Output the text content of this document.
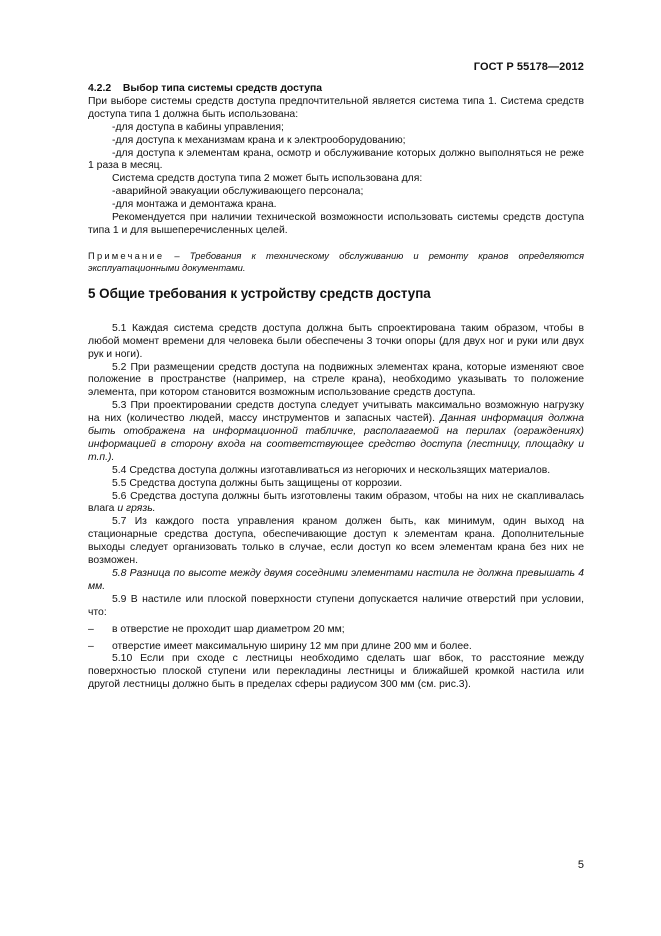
ГОСТ Р 55178—2012

4.2.2 Выбор типа системы средств доступа

При выборе системы средств доступа предпочтительной является система типа 1. Система средств доступа типа 1 должна быть использована:

-для доступа в кабины управления;

-для доступа к механизмам крана и к электрооборудованию;

-для доступа к элементам крана, осмотр и обслуживание которых должно выполняться не реже 1 раза в месяц.

Система средств доступа типа 2 может быть использована для:

-аварийной эвакуации обслуживающего персонала;

-для монтажа и демонтажа крана.

Рекомендуется при наличии технической возможности использовать системы средств доступа типа 1 и для вышеперечисленных целей.

Примечание – Требования к техническому обслуживанию и ремонту кранов определяются эксплуатационными документами.

5 Общие требования к устройству средств доступа

5.1 Каждая система средств доступа должна быть спроектирована таким образом, чтобы в любой момент времени для человека были обеспечены 3 точки опоры (для двух ног и руки или двух рук и ноги).

5.2 При размещении средств доступа на подвижных элементах крана, которые изменяют свое положение в пространстве (например, на стреле крана), необходимо указывать то положение элемента, при котором становится возможным использование средств доступа.

5.3 При проектировании средств доступа следует учитывать максимально возможную нагрузку на них (количество людей, массу инструментов и запасных частей). Данная информация должна быть отображена на информационной табличке, располагаемой на перилах (ограждениях) информацией в сторону входа на соответствующее средство доступа (лестницу, площадку и т.п.).

5.4 Средства доступа должны изготавливаться из негорючих и нескользящих материалов.

5.5 Средства доступа должны быть защищены от коррозии.

5.6 Средства доступа должны быть изготовлены таким образом, чтобы на них не скапливалась влага и грязь.

5.7 Из каждого поста управления краном должен быть, как минимум, один выход на стационарные средства доступа, обеспечивающие доступ к элементам крана. Дополнительные выходы следует организовать только в случае, если доступ ко всем элементам крана без них не возможен.

5.8 Разница по высоте между двумя соседними элементами настила не должна превышать 4 мм.

5.9 В настиле или плоской поверхности ступени допускается наличие отверстий при условии, что:

– в отверстие не проходит шар диаметром 20 мм;

– отверстие имеет максимальную ширину 12 мм при длине 200 мм и более.

5.10 Если при сходе с лестницы необходимо сделать шаг вбок, то расстояние между поверхностью плоской ступени или перекладины лестницы и ближайшей кромкой настила или другой лестницы должно быть в пределах сферы радиусом 300 мм (см. рис.3).

5
